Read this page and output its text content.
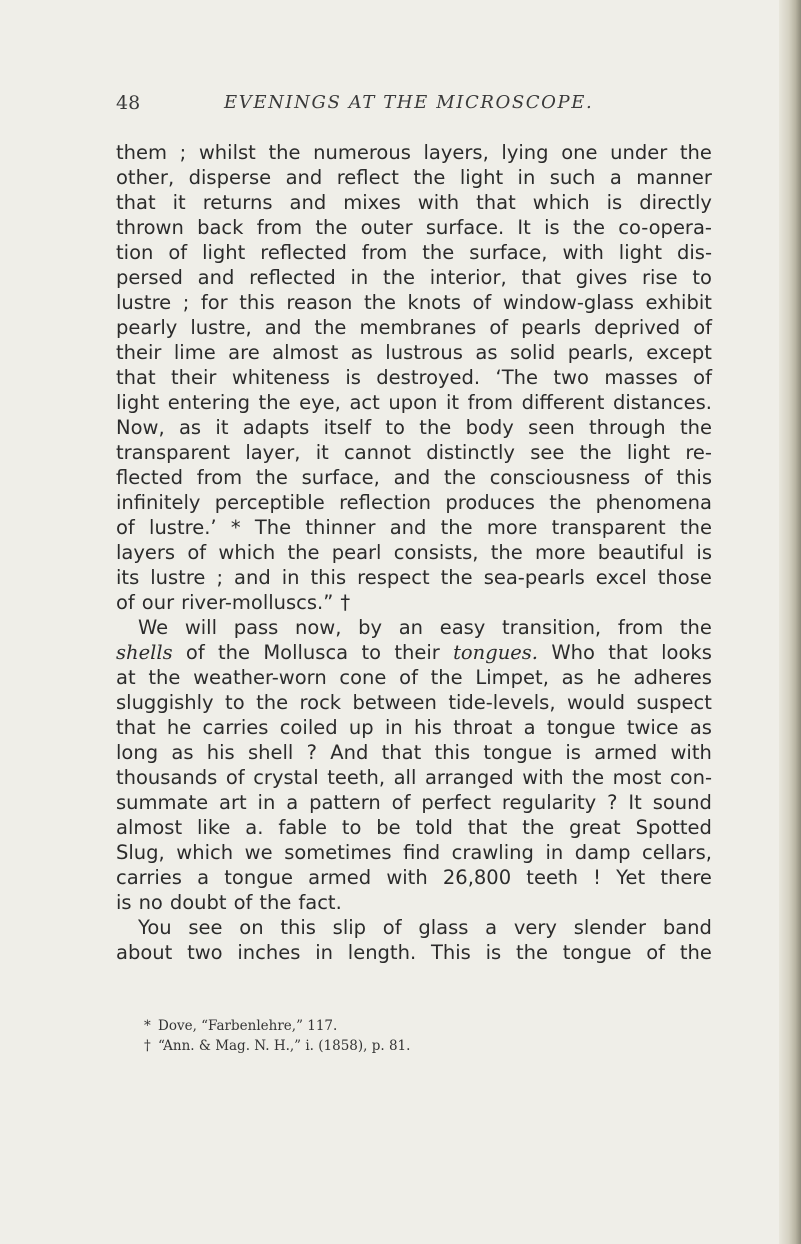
48	EVENINGS AT THE MICROSCOPE.
them ; whilst the numerous layers, lying one under the
other, disperse and reflect the light in such a manner
that it returns and mixes with that which is directly
thrown back from the outer surface. It is the co-opera-
tion of light reflected from the surface, with light dis-
persed and reflected in the interior, that gives rise to
lustre ; for this reason the knots of window-glass exhibit
pearly lustre, and the membranes of pearls deprived of
their lime are almost as lustrous as solid pearls, except
that their whiteness is destroyed. ‘The two masses of
light entering the eye, act upon it from different distances.
Now, as it adapts itself to the body seen through the
transparent layer, it cannot distinctly see the light re-
flected from the surface, and the consciousness of this
infinitely perceptible reflection produces the phenomena
of lustre.’ * The thinner and the more transparent the
layers of which the pearl consists, the more beautiful is
its lustre ; and in this respect the sea-pearls excel those
of our river-molluscs.” †
We will pass now, by an easy transition, from the
shells of the Mollusca to their tongues. Who that looks
at the weather-worn cone of the Limpet, as he adheres
sluggishly to the rock between tide-levels, would suspect
that he carries coiled up in his throat a tongue twice as
long as his shell ? And that this tongue is armed with
thousands of crystal teeth, all arranged with the most con-
summate art in a pattern of perfect regularity ? It sound
almost like a. fable to be told that the great Spotted
Slug, which we sometimes find crawling in damp cellars,
carries a tongue armed with 26,800 teeth ! Yet there
is no doubt of the fact.
You see on this slip of glass a very slender band
about two inches in length. This is the tongue of the
* Dove, “Farbenlehre,” 117.
† “Ann. & Mag. N. H.,” i. (1858), p. 81.
